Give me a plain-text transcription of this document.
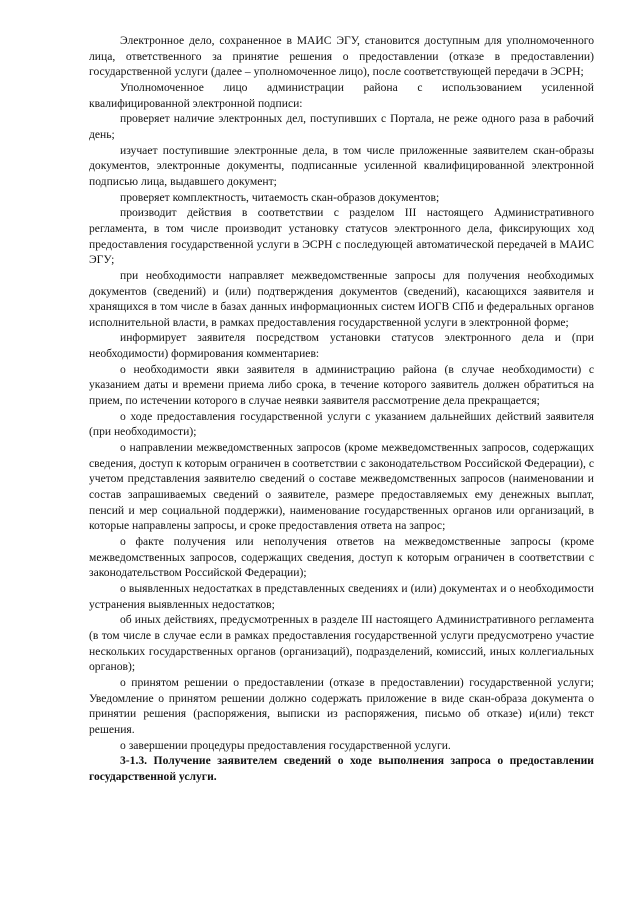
Электронное дело, сохраненное в МАИС ЭГУ, становится доступным для уполномоченного лица, ответственного за принятие решения о предоставлении (отказе в предоставлении) государственной услуги (далее – уполномоченное лицо), после соответствующей передачи в ЭСРН;

Уполномоченное лицо администрации района с использованием усиленной квалифицированной электронной подписи:

проверяет наличие электронных дел, поступивших с Портала, не реже одного раза в рабочий день;

изучает поступившие электронные дела, в том числе приложенные заявителем скан-образы документов, электронные документы, подписанные усиленной квалифицированной электронной подписью лица, выдавшего документ;

проверяет комплектность, читаемость скан-образов документов;

производит действия в соответствии с разделом III настоящего Административного регламента, в том числе производит установку статусов электронного дела, фиксирующих ход предоставления государственной услуги в ЭСРН с последующей автоматической передачей в МАИС ЭГУ;

при необходимости направляет межведомственные запросы для получения необходимых документов (сведений) и (или) подтверждения документов (сведений), касающихся заявителя и хранящихся в том числе в базах данных информационных систем ИОГВ СПб и федеральных органов исполнительной власти, в рамках предоставления государственной услуги в электронной форме;

информирует заявителя посредством установки статусов электронного дела и (при необходимости) формирования комментариев:

о необходимости явки заявителя в администрацию района (в случае необходимости) с указанием даты и времени приема либо срока, в течение которого заявитель должен обратиться на прием, по истечении которого в случае неявки заявителя рассмотрение дела прекращается;

о ходе предоставления государственной услуги с указанием дальнейших действий заявителя (при необходимости);

о направлении межведомственных запросов (кроме межведомственных запросов, содержащих сведения, доступ к которым ограничен в соответствии с законодательством Российской Федерации), с учетом представления заявителю сведений о составе межведомственных запросов (наименовании и состав запрашиваемых сведений о заявителе, размере предоставляемых ему денежных выплат, пенсий и мер социальной поддержки), наименование государственных органов или организаций, в которые направлены запросы, и сроке предоставления ответа на запрос;

о факте получения или неполучения ответов на межведомственные запросы (кроме межведомственных запросов, содержащих сведения, доступ к которым ограничен в соответствии с законодательством Российской Федерации);

о выявленных недостатках в представленных сведениях и (или) документах и о необходимости устранения выявленных недостатков;

об иных действиях, предусмотренных в разделе III настоящего Административного регламента (в том числе в случае если в рамках предоставления государственной услуги предусмотрено участие нескольких государственных органов (организаций), подразделений, комиссий, иных коллегиальных органов);

о принятом решении о предоставлении (отказе в предоставлении) государственной услуги; Уведомление о принятом решении должно содержать приложение в виде скан-образа документа о принятии решения (распоряжения, выписки из распоряжения, письмо об отказе) и(или) текст решения.

о завершении процедуры предоставления государственной услуги.

3-1.3. Получение заявителем сведений о ходе выполнения запроса о предоставлении государственной услуги.
